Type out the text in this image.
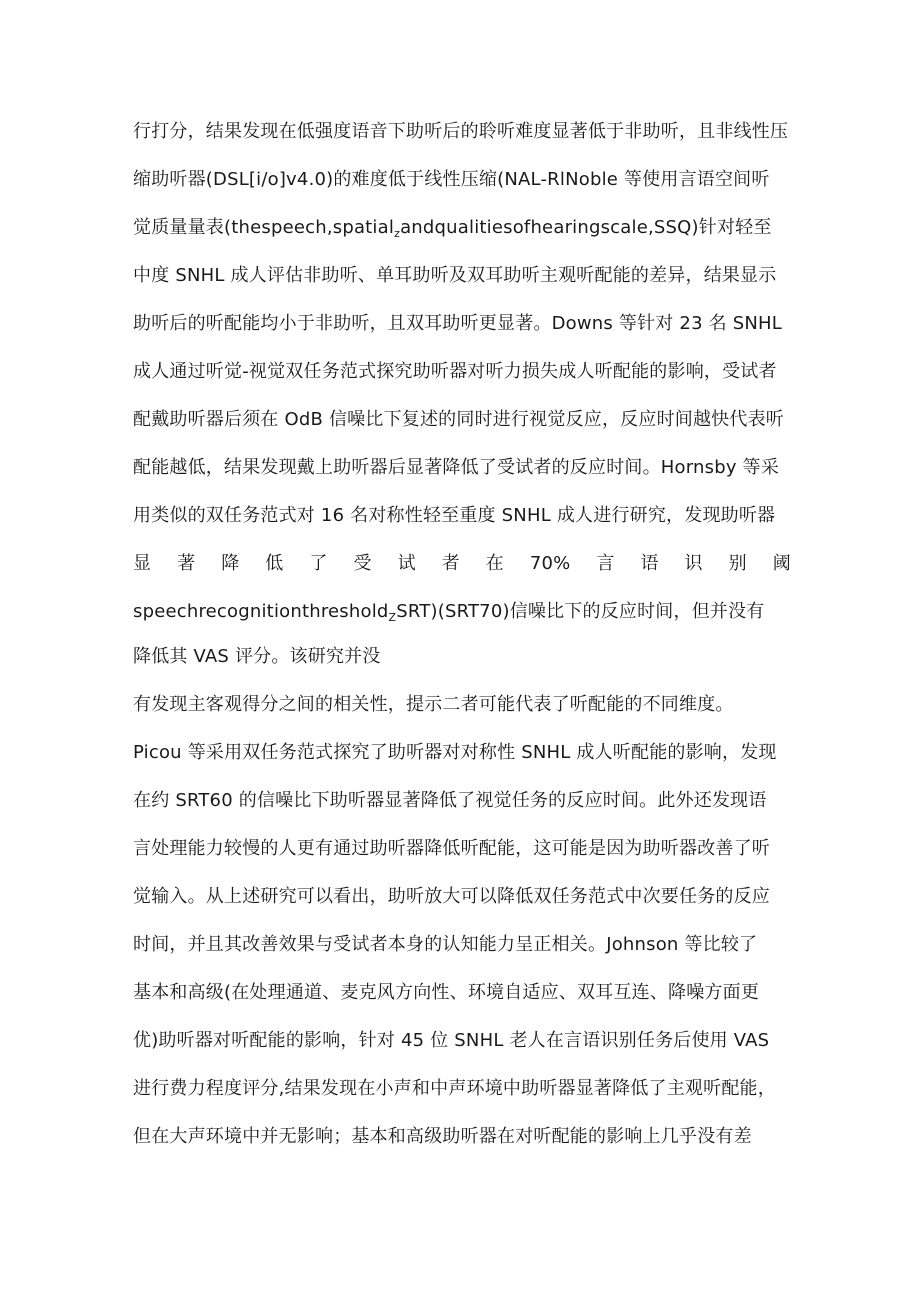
行打分，结果发现在低强度语音下助听后的聆听难度显著低于非助听，且非线性压
缩助听器(DSL[i/o]v4.0)的难度低于线性压缩(NAL-RlNoble 等使用言语空间听
觉质量量表(thespeech,spatial$_z$andqualitiesofhearingscale,SSQ)针对轻至
中度 SNHL 成人评估非助听、单耳助听及双耳助听主观听配能的差异，结果显示
助听后的听配能均小于非助听，且双耳助听更显著。Downs 等针对 23 名 SNHL
成人通过听觉-视觉双任务范式探究助听器对听力损失成人听配能的影响，受试者
配戴助听器后须在 OdB 信噪比下复述的同时进行视觉反应，反应时间越快代表听
配能越低，结果发现戴上助听器后显著降低了受试者的反应时间。Hornsby 等采
用类似的双任务范式对 16 名对称性轻至重度 SNHL 成人进行研究，发现助听器
显 著 降 低 了 受 试 者 在 70% 言 语 识 别 阈
speechrecognitionthreshold$_Z$SRT)(SRT70)信噪比下的反应时间，但并没有
降低其 VAS 评分。该研究并没
有发现主客观得分之间的相关性，提示二者可能代表了听配能的不同维度。
Picou 等采用双任务范式探究了助听器对对称性 SNHL 成人听配能的影响，发现
在约 SRT60 的信噪比下助听器显著降低了视觉任务的反应时间。此外还发现语
言处理能力较慢的人更有通过助听器降低听配能，这可能是因为助听器改善了听
觉输入。从上述研究可以看出，助听放大可以降低双任务范式中次要任务的反应
时间，并且其改善效果与受试者本身的认知能力呈正相关。Johnson 等比较了
基本和高级(在处理通道、麦克风方向性、环境自适应、双耳互连、降噪方面更
优)助听器对听配能的影响，针对 45 位 SNHL 老人在言语识别任务后使用 VAS
进行费力程度评分,结果发现在小声和中声环境中助听器显著降低了主观听配能，
但在大声环境中并无影响；基本和高级助听器在对听配能的影响上几乎没有差
